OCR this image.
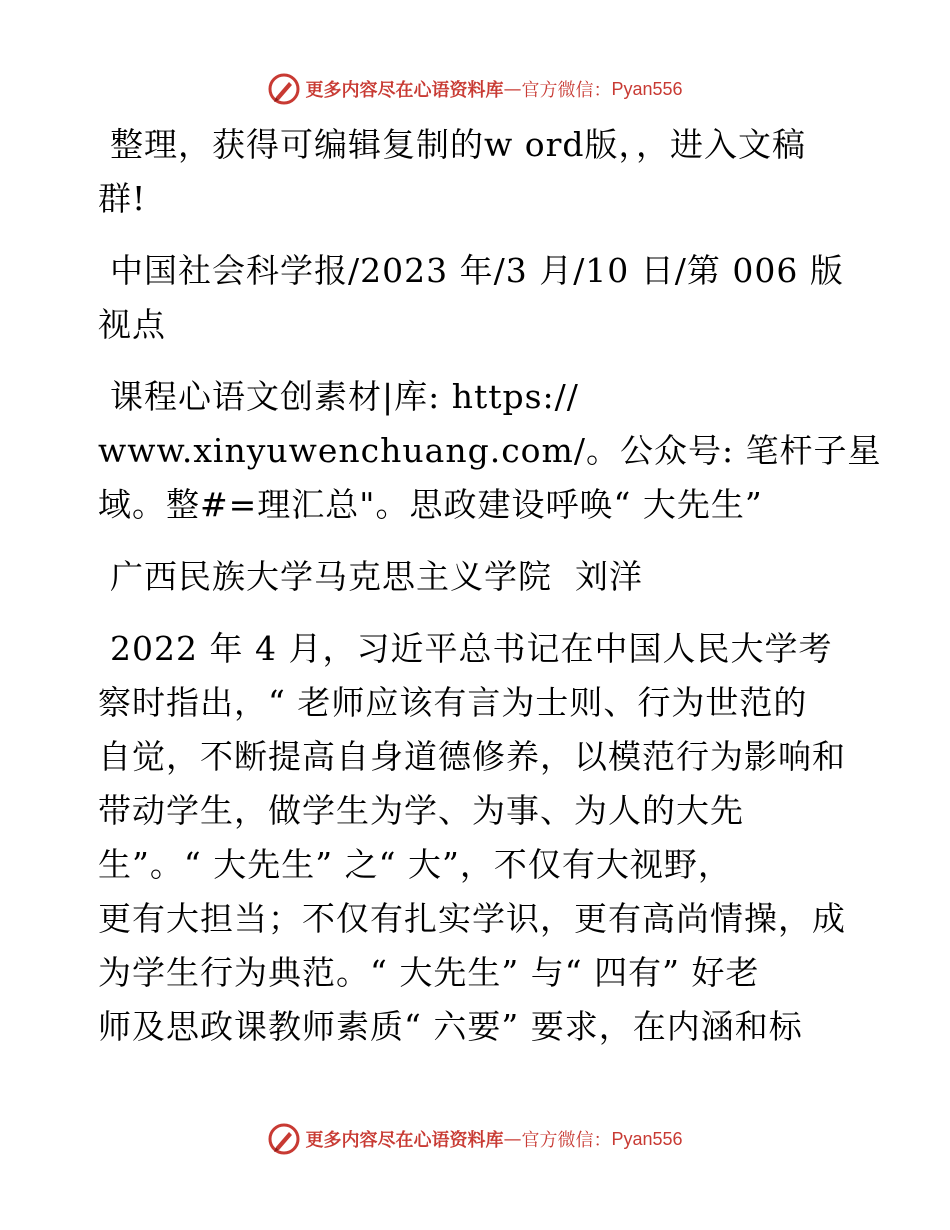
更多内容尽在心语资料库 — 官方微信： Pyan556

整理，获得可编辑复制的w ord版，，进入文稿
群!

中国社会科学报/2023 年/3 月/10 日/第 006 版
视点

课程心语文创素材|库: https://
www.xinyuwenchuang.com/。公众号: 笔杆子星
域。整#=理汇总"。思政建设呼唤“ 大先生”

广西民族大学马克思主义学院  刘洋

2022 年 4 月，习近平总书记在中国人民大学考
察时指出，“ 老师应该有言为士则、行为世范的
自觉，不断提高自身道德修养，以模范行为影响和
带动学生，做学生为学、为事、为人的大先
生”。“ 大先生” 之“ 大”，不仅有大视野，
更有大担当；不仅有扎实学识，更有高尚情操，成
为学生行为典范。“ 大先生” 与“ 四有” 好老
师及思政课教师素质“ 六要” 要求，在内涵和标

更多内容尽在心语资料库 — 官方微信： Pyan556
